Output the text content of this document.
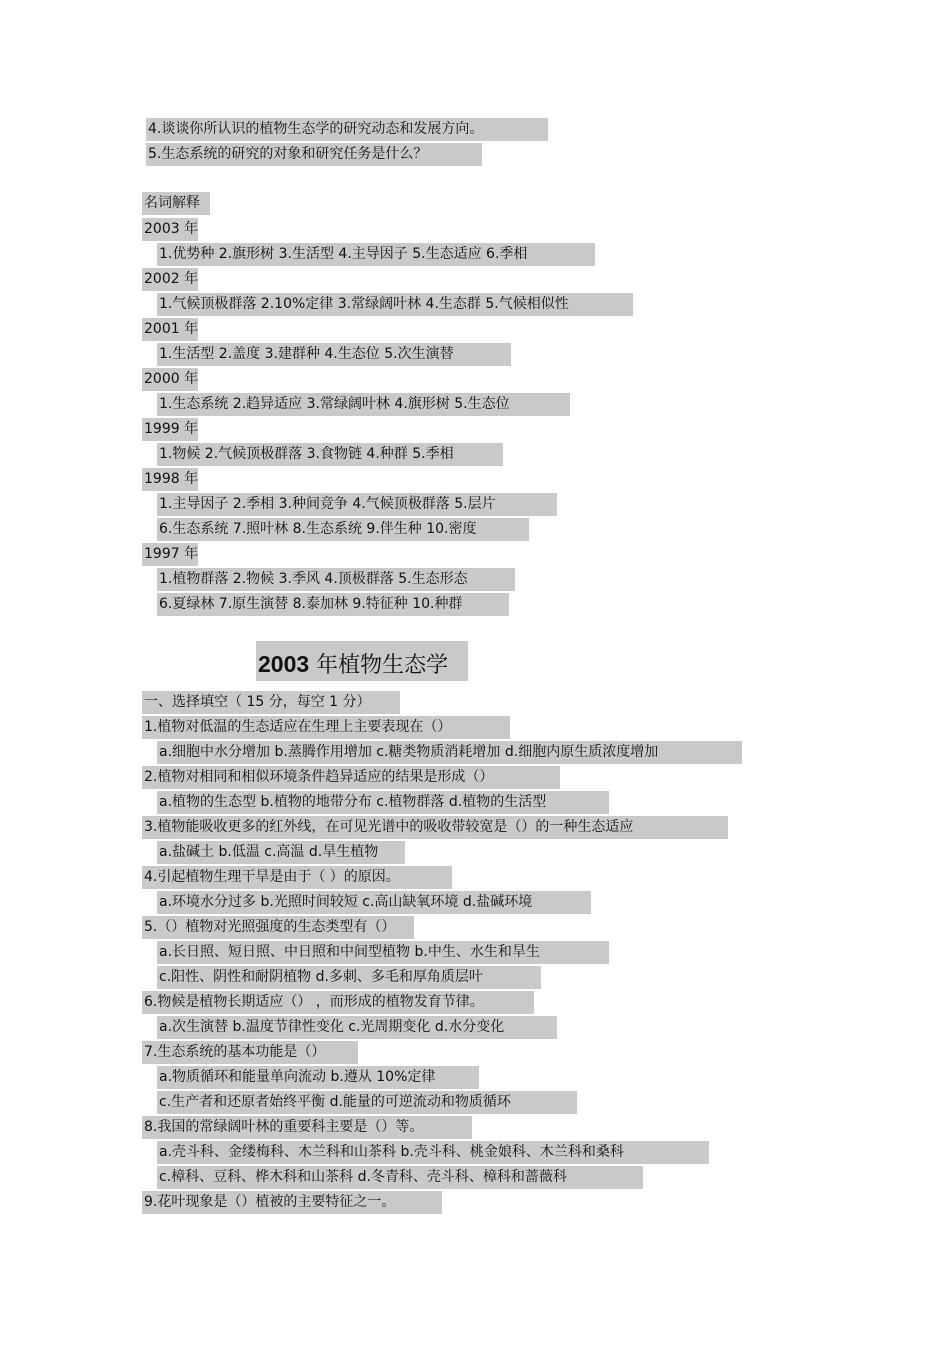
4.谈谈你所认识的植物生态学的研究动态和发展方向。
5.生态系统的研究的对象和研究任务是什么？
名词解释
2003 年
1.优势种 2.旗形树 3.生活型 4.主导因子 5.生态适应 6.季相
2002 年
1.气候顶极群落 2.10%定律 3.常绿阔叶林 4.生态群 5.气候相似性
2001 年
1.生活型 2.盖度 3.建群种 4.生态位 5.次生演替
2000 年
1.生态系统 2.趋异适应 3.常绿阔叶林 4.旗形树 5.生态位
1999 年
1.物候 2.气候顶极群落 3.食物链 4.种群 5.季相
1998 年
1.主导因子 2.季相 3.种间竞争 4.气候顶极群落 5.层片
6.生态系统 7.照叶林 8.生态系统 9.伴生种 10.密度
1997 年
1.植物群落 2.物候 3.季风 4.顶极群落 5.生态形态
6.夏绿林 7.原生演替 8.泰加林 9.特征种 10.种群
2003 年植物生态学
一、选择填空（ 15 分，每空 1 分）
1.植物对低温的生态适应在生理上主要表现在（）
a.细胞中水分增加 b.蒸腾作用增加 c.糖类物质消耗增加 d.细胞内原生质浓度增加
2.植物对相同和相似环境条件趋异适应的结果是形成（）
a.植物的生态型 b.植物的地带分布 c.植物群落 d.植物的生活型
3.植物能吸收更多的红外线，在可见光谱中的吸收带较宽是（）的一种生态适应
a.盐碱土 b.低温 c.高温 d.旱生植物
4.引起植物生理干旱是由于（ ）的原因。
a.环境水分过多 b.光照时间较短 c.高山缺氧环境 d.盐碱环境
5.（）植物对光照强度的生态类型有（）
a.长日照、短日照、中日照和中间型植物 b.中生、水生和旱生
c.阳性、阴性和耐阴植物 d.多刺、多毛和厚角质层叶
6.物候是植物长期适应（） ，而形成的植物发育节律。
a.次生演替 b.温度节律性变化 c.光周期变化 d.水分变化
7.生态系统的基本功能是（）
a.物质循环和能量单向流动 b.遵从 10%定律
c.生产者和还原者始终平衡 d.能量的可逆流动和物质循环
8.我国的常绿阔叶林的重要科主要是（）等。
a.壳斗科、金缕梅科、木兰科和山茶科 b.壳斗科、桃金娘科、木兰科和桑科
c.樟科、豆科、桦木科和山茶科 d.冬青科、壳斗科、樟科和蔷薇科
9.花叶现象是（）植被的主要特征之一。
